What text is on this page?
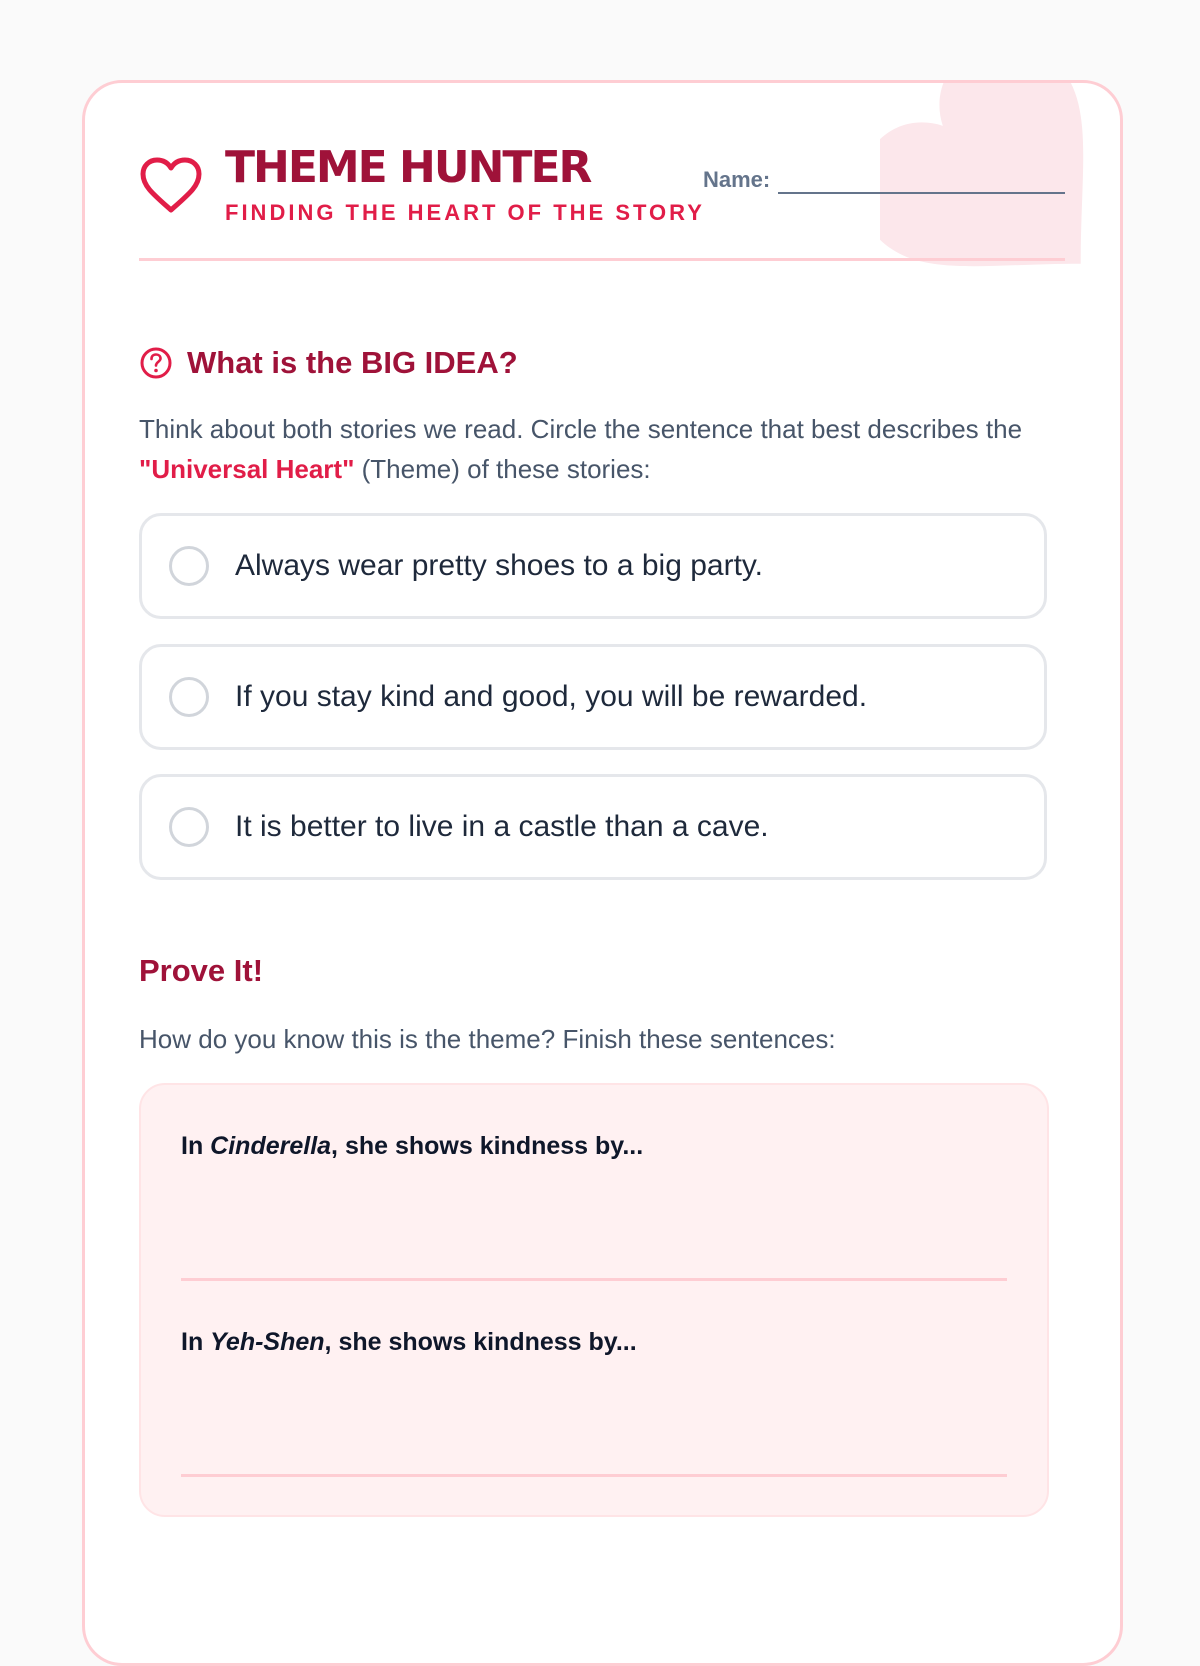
THEME HUNTER
FINDING THE HEART OF THE STORY
Name:
What is the BIG IDEA?
Think about both stories we read. Circle the sentence that best describes the "Universal Heart" (Theme) of these stories:
Always wear pretty shoes to a big party.
If you stay kind and good, you will be rewarded.
It is better to live in a castle than a cave.
Prove It!
How do you know this is the theme? Finish these sentences:
In Cinderella, she shows kindness by...
In Yeh-Shen, she shows kindness by...
